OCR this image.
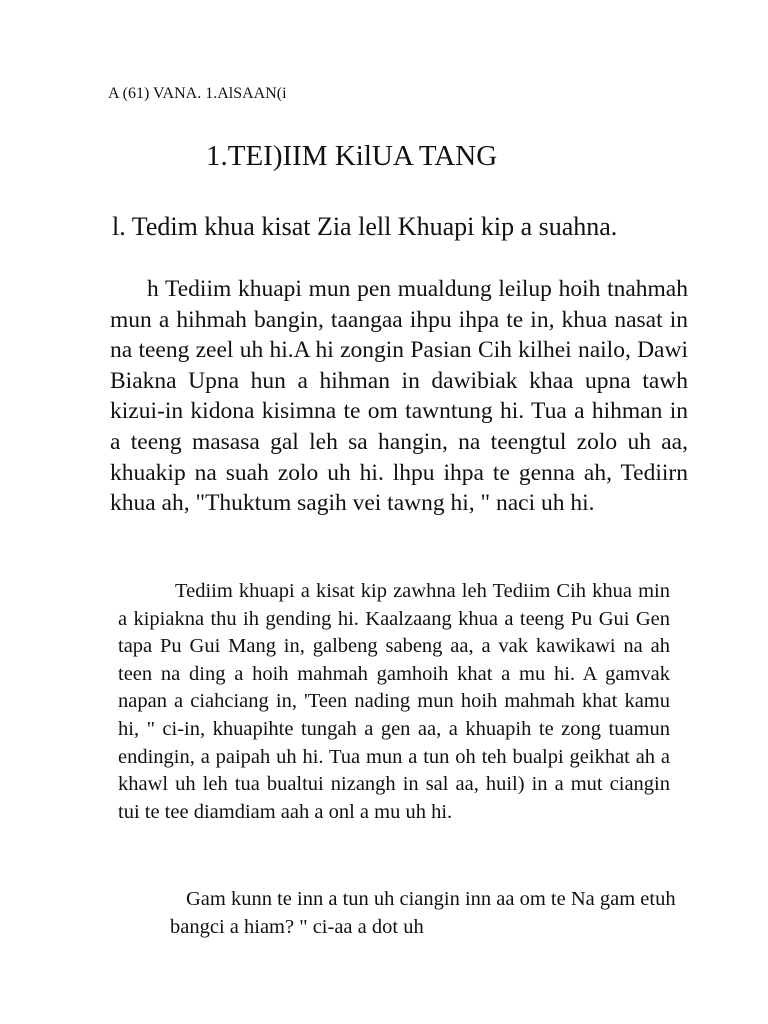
A (61) VANA. 1.AlSAAN(i
1.TEI)IIM KilUA TANG
l. Tedim khua kisat Zia lell Khuapi kip a suahna.

h Tediim khuapi mun pen mualdung leilup hoih tnahmah mun a hihmah bangin, taangaa ihpu ihpa te in, khua nasat in na teeng zeel uh hi.A hi zongin Pasian Cih kilhei nailo, Dawi Biakna Upna hun a hihman in dawibiak khaa upna tawh kizui-in kidona kisimna te om tawntung hi. Tua a hihman in a teeng masasa gal leh sa hangin, na teengtul zolo uh aa, khuakip na suah zolo uh hi. lhpu ihpa te genna ah, Tediirn khua ah, "Thuktum sagih vei tawng hi, " naci uh hi.

Tediim khuapi a kisat kip zawhna leh Tediim Cih khua min a kipiakna thu ih gending hi. Kaalzaang khua a teeng Pu Gui Gen tapa Pu Gui Mang in, galbeng sabeng aa, a vak kawikawi na ah teen na ding a hoih mahmah gamhoih khat a mu hi. A gamvak napan a ciahciang in, 'Teen nading mun hoih mahmah khat kamu hi, " ci-in, khuapihte tungah a gen aa, a khuapih te zong tuamun endingin, a paipah uh hi. Tua mun a tun oh teh bualpi geikhat ah a khawl uh leh tua bualtui nizangh in sal aa, huil) in a mut ciangin tui te tee diamdiam aah a onl a mu uh hi.

Gam kunn te inn a tun uh ciangin inn aa om te Na gam etuh bangci a hiam? " ci-aa a dot uh
